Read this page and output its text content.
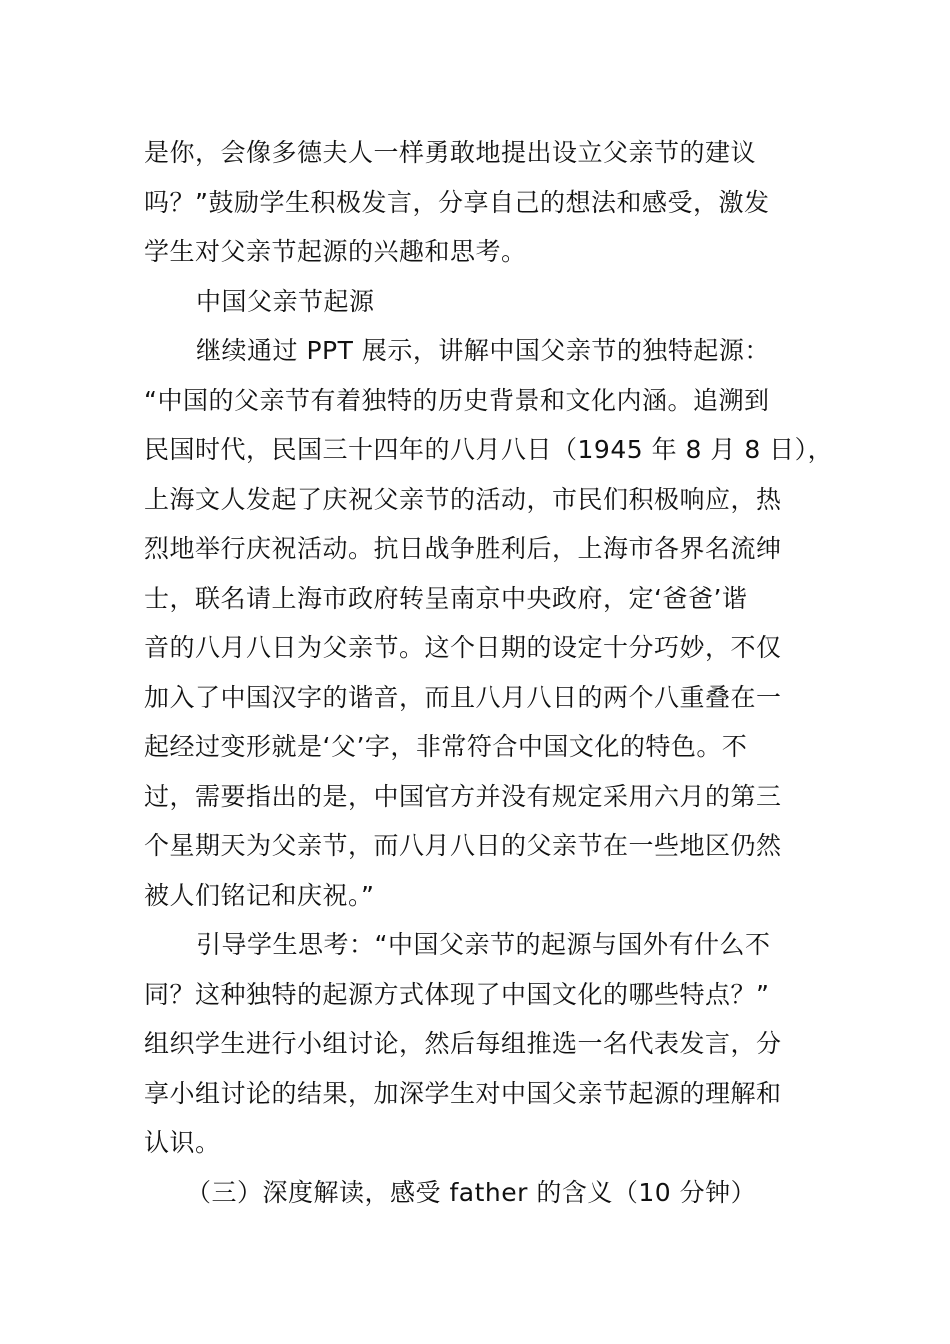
是你，会像多德夫人一样勇敢地提出设立父亲节的建议
吗？”鼓励学生积极发言，分享自己的想法和感受，激发
学生对父亲节起源的兴趣和思考。
中国父亲节起源
继续通过 PPT 展示，讲解中国父亲节的独特起源：
“中国的父亲节有着独特的历史背景和文化内涵。追溯到
民国时代，民国三十四年的八月八日（1945 年 8 月 8 日），
上海文人发起了庆祝父亲节的活动，市民们积极响应，热
烈地举行庆祝活动。抗日战争胜利后，上海市各界名流绅
士，联名请上海市政府转呈南京中央政府，定‘爸爸’谐
音的八月八日为父亲节。这个日期的设定十分巧妙，不仅
加入了中国汉字的谐音，而且八月八日的两个八重叠在一
起经过变形就是‘父’字，非常符合中国文化的特色。不
过，需要指出的是，中国官方并没有规定采用六月的第三
个星期天为父亲节，而八月八日的父亲节在一些地区仍然
被人们铭记和庆祝。”
引导学生思考：“中国父亲节的起源与国外有什么不
同？这种独特的起源方式体现了中国文化的哪些特点？”
组织学生进行小组讨论，然后每组推选一名代表发言，分
享小组讨论的结果，加深学生对中国父亲节起源的理解和
认识。
（三）深度解读，感受 father 的含义（10 分钟）
